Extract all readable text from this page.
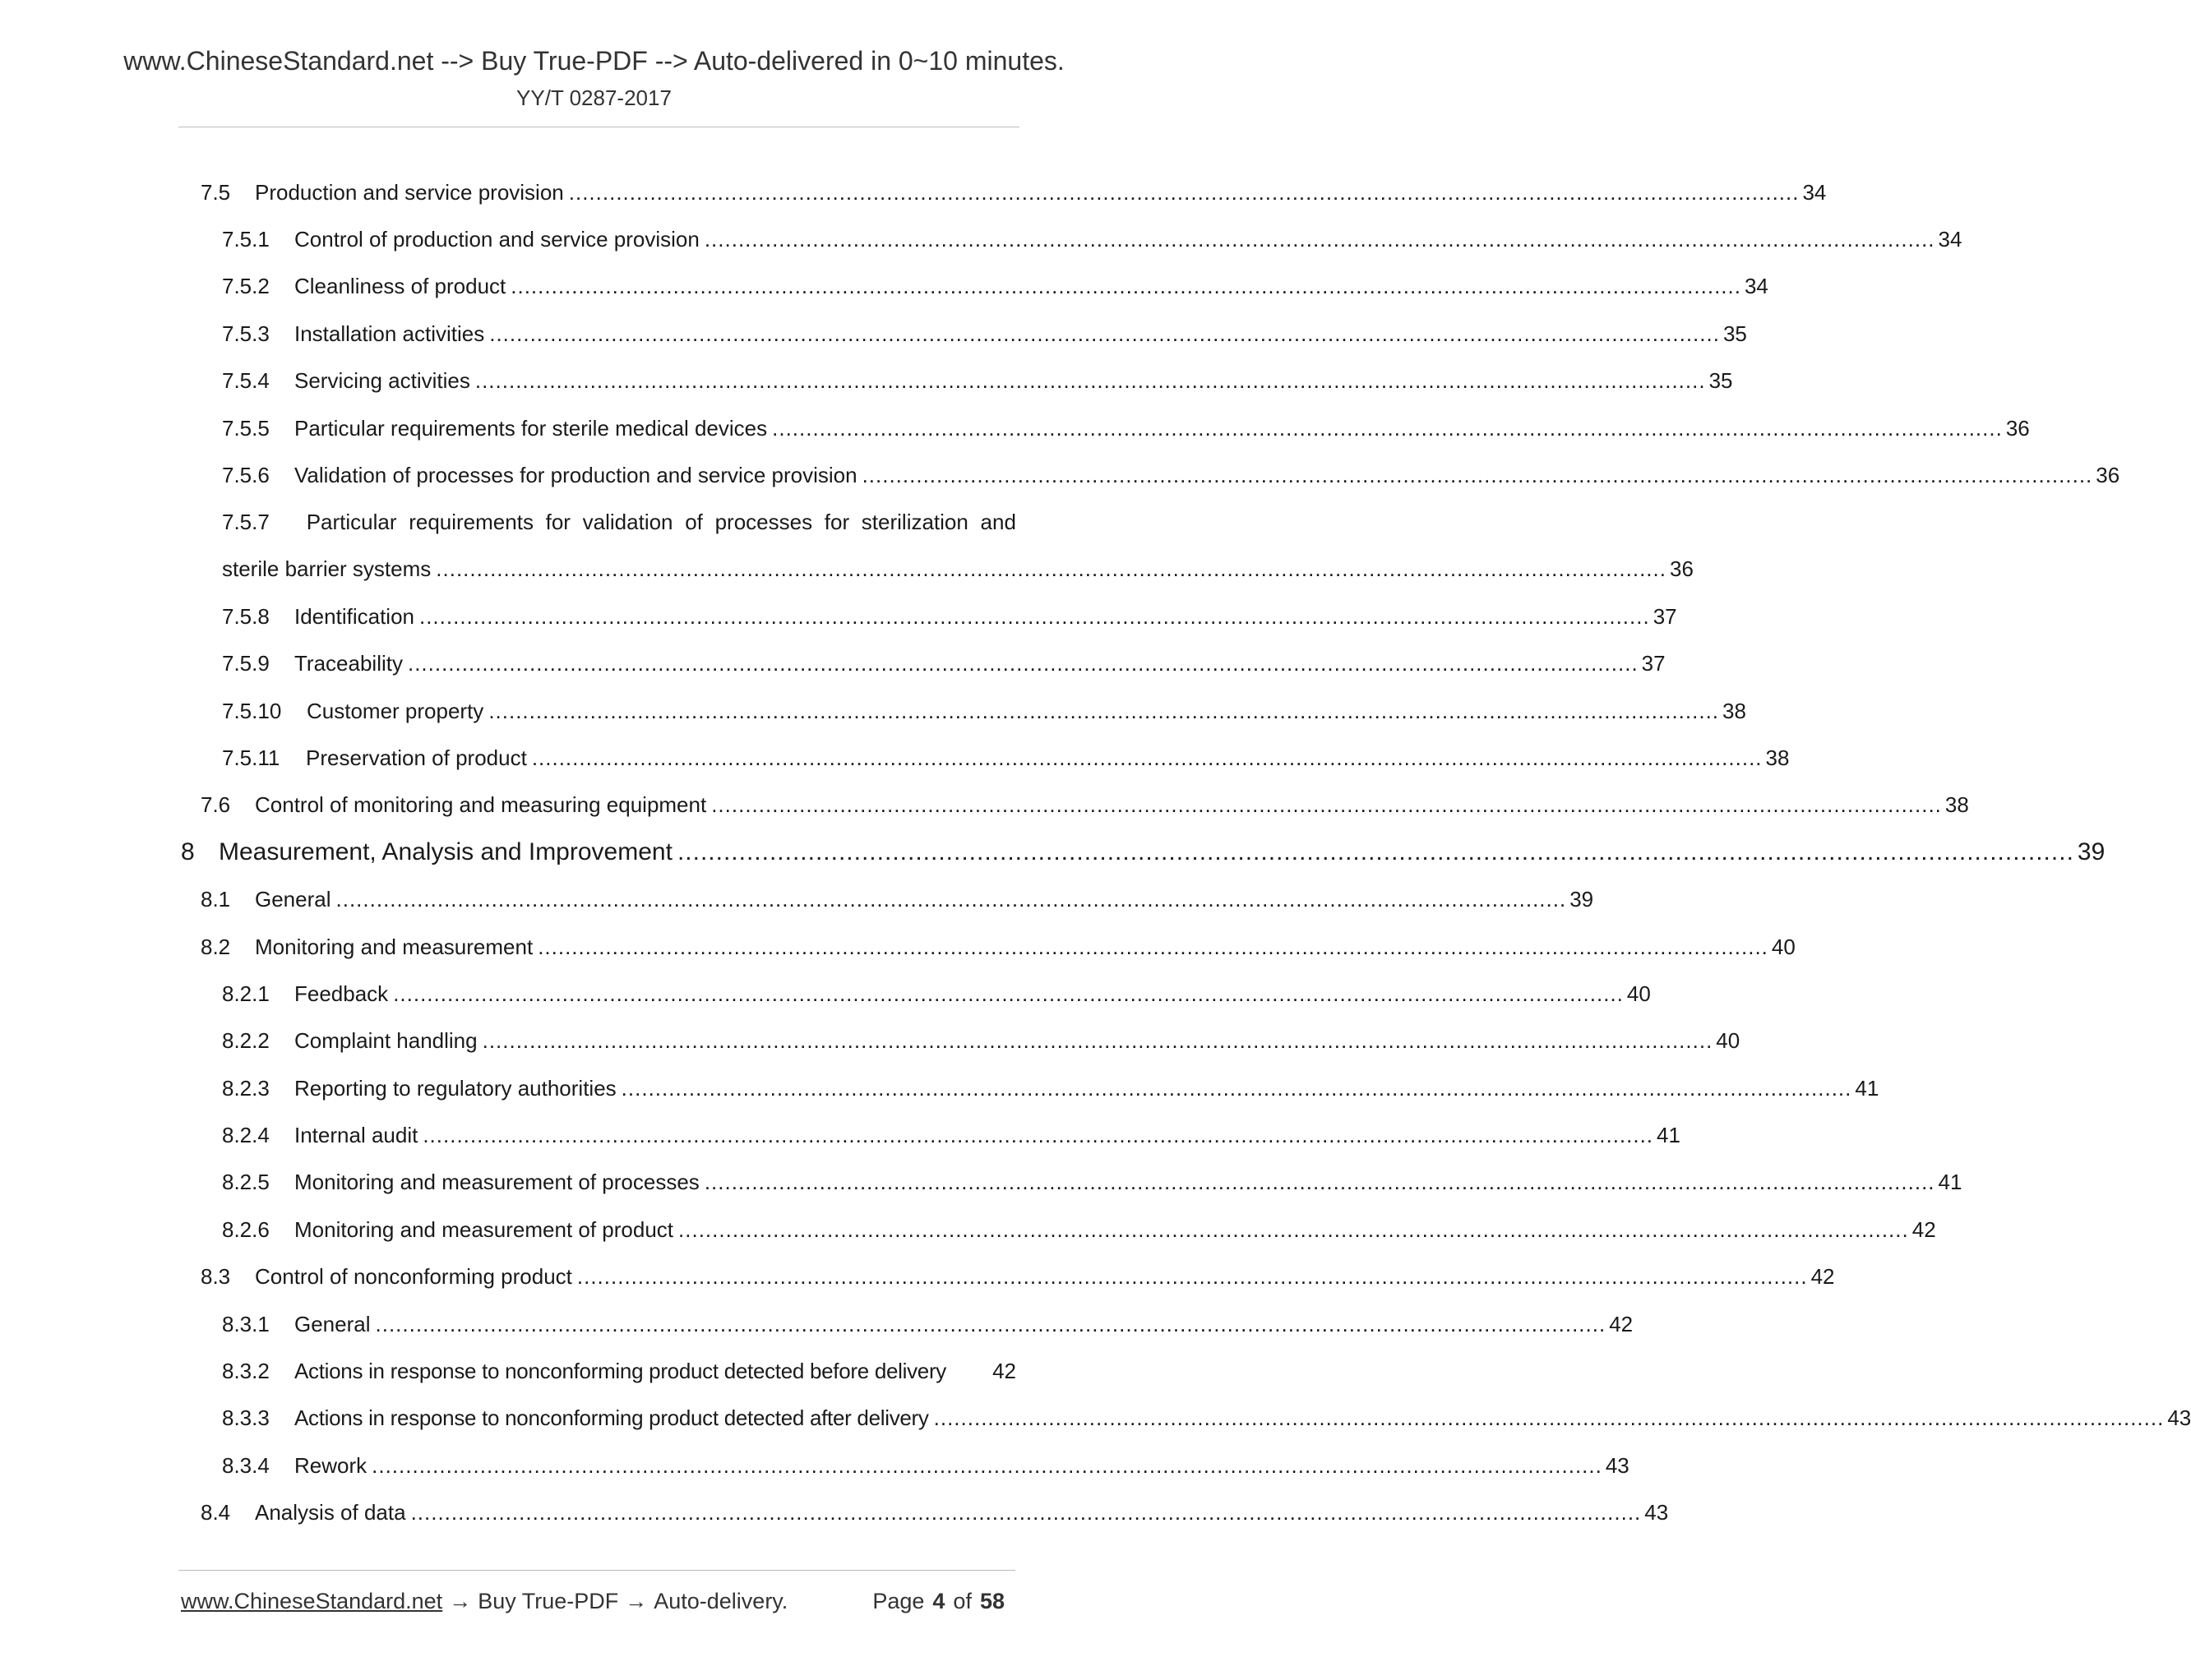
www.ChineseStandard.net --> Buy True-PDF --> Auto-delivered in 0~10 minutes.
YY/T 0287-2017
7.5	Production and service provision ...................................................................................................................................................................................... 34
7.5.1	Control of production and service provision ...................................................................................................................................................................................... 34
7.5.2	Cleanliness of product ...................................................................................................................................................................................... 34
7.5.3	Installation activities ...................................................................................................................................................................................... 35
7.5.4	Servicing activities ...................................................................................................................................................................................... 35
7.5.5	Particular requirements for sterile medical devices ...................................................................................................................................................................................... 36
7.5.6	Validation of processes for production and service provision ...................................................................................................................................................................................... 36
7.5.7	Particular requirements for validation of processes for sterilization and
sterile barrier systems ...................................................................................................................................................................................... 36
7.5.8	Identification ...................................................................................................................................................................................... 37
7.5.9	Traceability ...................................................................................................................................................................................... 37
7.5.10	Customer property ...................................................................................................................................................................................... 38
7.5.11	Preservation of product ...................................................................................................................................................................................... 38
7.6	Control of monitoring and measuring equipment ...................................................................................................................................................................................... 38
8 Measurement, Analysis and Improvement ...................................................................................................................................................................................... 39
8.1	General ...................................................................................................................................................................................... 39
8.2	Monitoring and measurement ...................................................................................................................................................................................... 40
8.2.1	Feedback ...................................................................................................................................................................................... 40
8.2.2	Complaint handling ...................................................................................................................................................................................... 40
8.2.3	Reporting to regulatory authorities ...................................................................................................................................................................................... 41
8.2.4	Internal audit ...................................................................................................................................................................................... 41
8.2.5	Monitoring and measurement of processes ...................................................................................................................................................................................... 41
8.2.6	Monitoring and measurement of product ...................................................................................................................................................................................... 42
8.3	Control of nonconforming product ...................................................................................................................................................................................... 42
8.3.1	General ...................................................................................................................................................................................... 42
8.3.2	Actions in response to nonconforming product detected before delivery 42
8.3.3	Actions in response to nonconforming product detected after delivery ...................................................................................................................................................................................... 43
8.3.4	Rework ...................................................................................................................................................................................... 43
8.4	Analysis of data ...................................................................................................................................................................................... 43
www.ChineseStandard.net → Buy True-PDF → Auto-delivery.	Page 4 of 58
